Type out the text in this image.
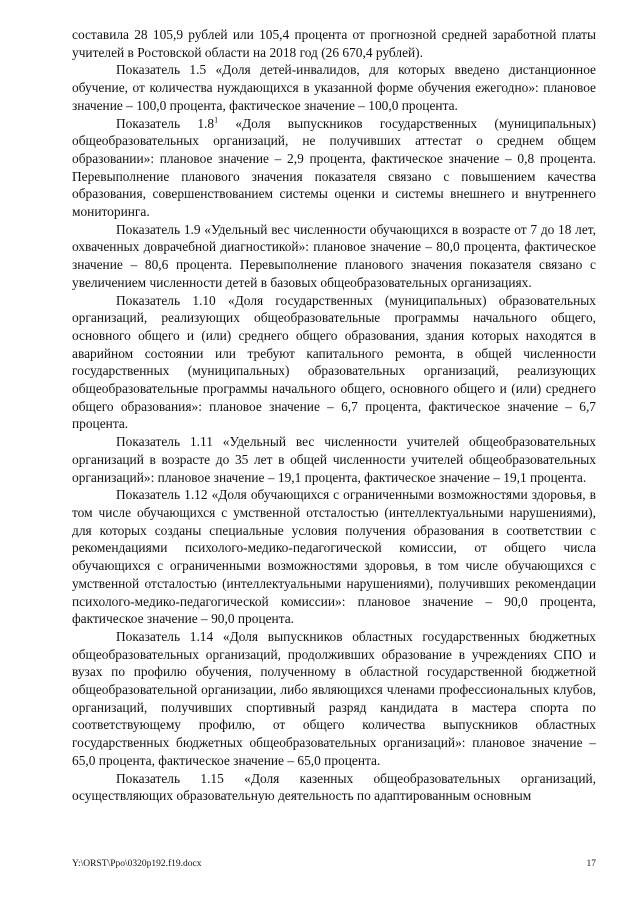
составила 28 105,9 рублей или 105,4 процента от прогнозной средней заработной платы учителей в Ростовской области на 2018 год (26 670,4 рублей).

Показатель 1.5 «Доля детей-инвалидов, для которых введено дистанционное обучение, от количества нуждающихся в указанной форме обучения ежегодно»: плановое значение – 100,0 процента, фактическое значение – 100,0 процента.

Показатель $1.8^1$ «Доля выпускников государственных (муниципальных) общеобразовательных организаций, не получивших аттестат о среднем общем образовании»: плановое значение – 2,9 процента, фактическое значение – 0,8 процента. Перевыполнение планового значения показателя связано с повышением качества образования, совершенствованием системы оценки и системы внешнего и внутреннего мониторинга.

Показатель 1.9 «Удельный вес численности обучающихся в возрасте от 7 до 18 лет, охваченных доврачебной диагностикой»: плановое значение – 80,0 процента, фактическое значение – 80,6 процента. Перевыполнение планового значения показателя связано с увеличением численности детей в базовых общеобразовательных организациях.

Показатель 1.10 «Доля государственных (муниципальных) образовательных организаций, реализующих общеобразовательные программы начального общего, основного общего и (или) среднего общего образования, здания которых находятся в аварийном состоянии или требуют капитального ремонта, в общей численности государственных (муниципальных) образовательных организаций, реализующих общеобразовательные программы начального общего, основного общего и (или) среднего общего образования»: плановое значение – 6,7 процента, фактическое значение – 6,7 процента.

Показатель 1.11 «Удельный вес численности учителей общеобразовательных организаций в возрасте до 35 лет в общей численности учителей общеобразовательных организаций»: плановое значение – 19,1 процента, фактическое значение – 19,1 процента.

Показатель 1.12 «Доля обучающихся с ограниченными возможностями здоровья, в том числе обучающихся с умственной отсталостью (интеллектуальными нарушениями), для которых созданы специальные условия получения образования в соответствии с рекомендациями психолого-медико-педагогической комиссии, от общего числа обучающихся с ограниченными возможностями здоровья, в том числе обучающихся с умственной отсталостью (интеллектуальными нарушениями), получивших рекомендации психолого-медико-педагогической комиссии»: плановое значение – 90,0 процента, фактическое значение – 90,0 процента.

Показатель 1.14 «Доля выпускников областных государственных бюджетных общеобразовательных организаций, продолживших образование в учреждениях СПО и вузах по профилю обучения, полученному в областной государственной бюджетной общеобразовательной организации, либо являющихся членами профессиональных клубов, организаций, получивших спортивный разряд кандидата в мастера спорта по соответствующему профилю, от общего количества выпускников областных государственных бюджетных общеобразовательных организаций»: плановое значение – 65,0 процента, фактическое значение – 65,0 процента.

Показатель 1.15 «Доля казенных общеобразовательных организаций, осуществляющих образовательную деятельность по адаптированным основным

Y:\ORST\Ppo\0320p192.f19.docx	17
